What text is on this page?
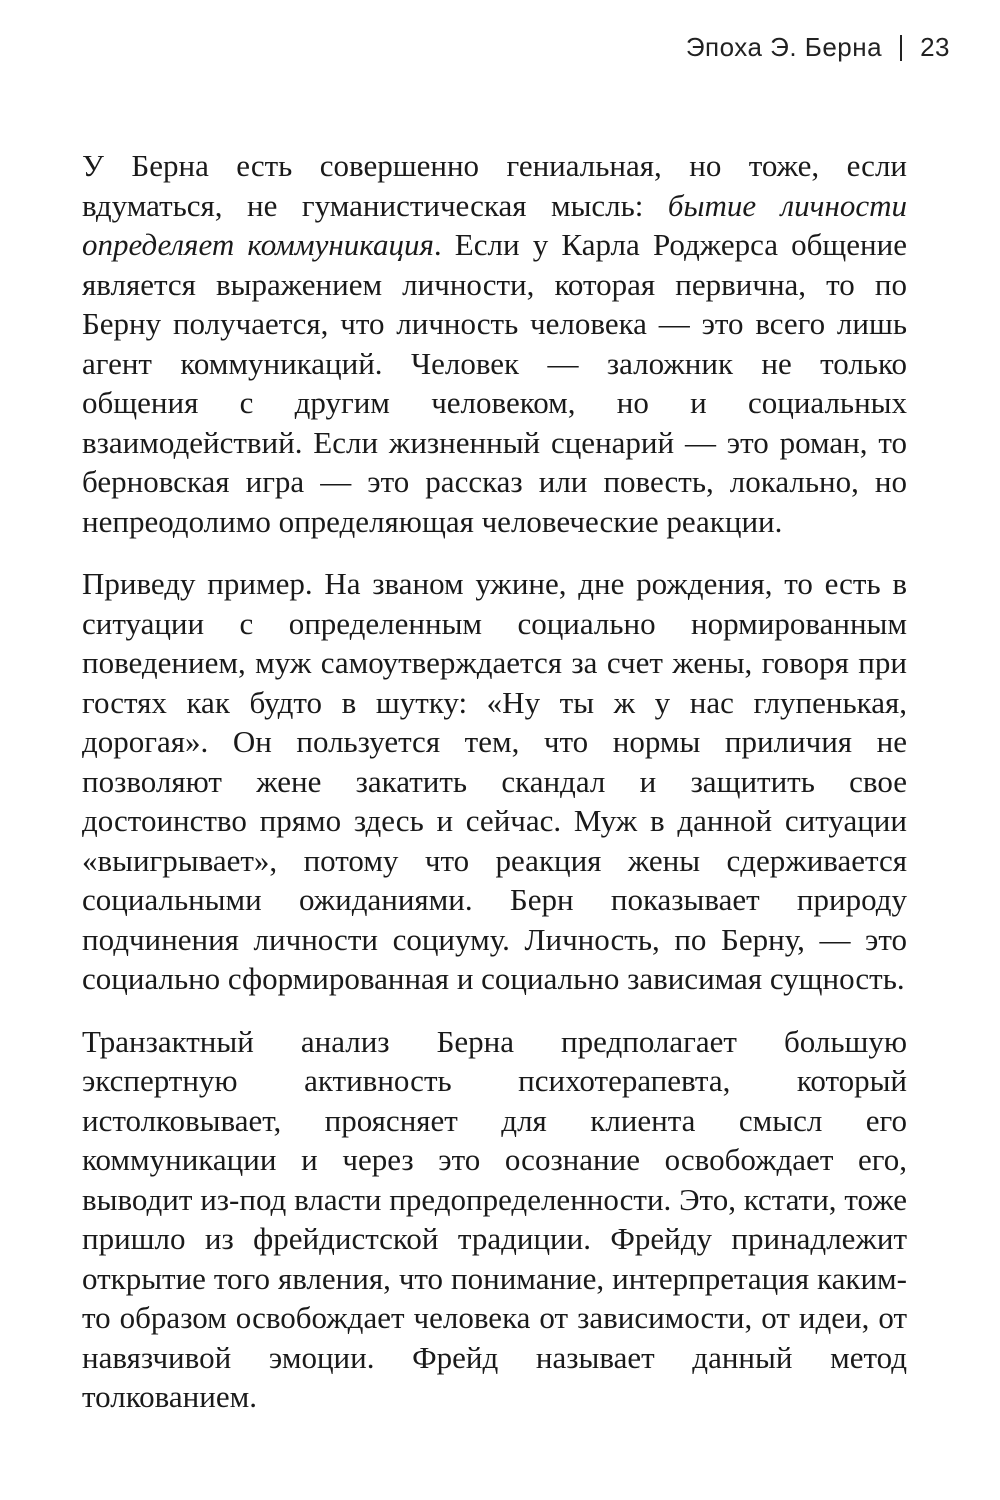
Эпоха Э. Берна 23

У Берна есть совершенно гениальная, но тоже, если вдуматься, не гуманистическая мысль: бытие личности определяет коммуникация. Если у Карла Роджерса общение является выражением личности, которая первична, то по Берну получается, что личность человека — это всего лишь агент коммуникаций. Человек — заложник не только общения с другим человеком, но и социальных взаимодействий. Если жизненный сценарий — это роман, то берновская игра — это рассказ или повесть, локально, но непреодолимо определяющая человеческие реакции.

Приведу пример. На званом ужине, дне рождения, то есть в ситуации с определенным социально нормированным поведением, муж самоутверждается за счет жены, говоря при гостях как будто в шутку: «Ну ты ж у нас глупенькая, дорогая». Он пользуется тем, что нормы приличия не позволяют жене закатить скандал и защитить свое достоинство прямо здесь и сейчас. Муж в данной ситуации «выигрывает», потому что реакция жены сдерживается социальными ожиданиями. Берн показывает природу подчинения личности социуму. Личность, по Берну, — это социально сформированная и социально зависимая сущность.

Транзактный анализ Берна предполагает большую экспертную активность психотерапевта, который истолковывает, проясняет для клиента смысл его коммуникации и через это осознание освобождает его, выводит из-под власти предопределенности. Это, кстати, тоже пришло из фрейдистской традиции. Фрейду принадлежит открытие того явления, что понимание, интерпретация каким-то образом освобождает человека от зависимости, от идеи, от навязчивой эмоции. Фрейд называет данный метод толкованием.
